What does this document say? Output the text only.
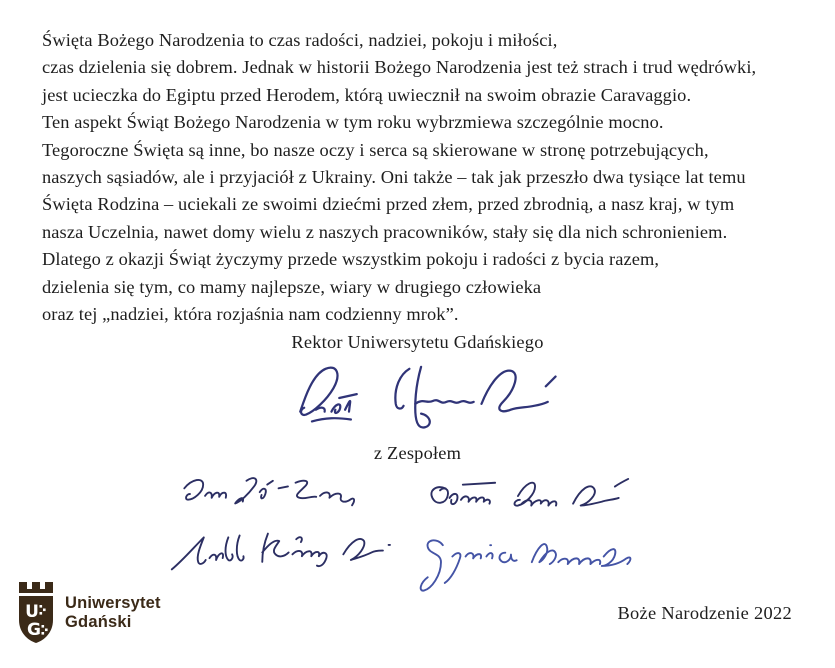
Święta Bożego Narodzenia to czas radości, nadziei, pokoju i miłości,
czas dzielenia się dobrem. Jednak w historii Bożego Narodzenia jest też strach i trud wędrówki,
jest ucieczka do Egiptu przed Herodem, którą uwiecznił na swoim obrazie Caravaggio.
Ten aspekt Świąt Bożego Narodzenia w tym roku wybrzmiewa szczególnie mocno.
Tegoroczne Święta są inne, bo nasze oczy i serca są skierowane w stronę potrzebujących,
naszych sąsiadów, ale i przyjaciół z Ukrainy. Oni także – tak jak przeszło dwa tysiące lat temu
Święta Rodzina – uciekali ze swoimi dziećmi przed złem, przed zbrodnią, a nasz kraj, w tym
nasza Uczelnia, nawet domy wielu z naszych pracowników, stały się dla nich schronieniem.
Dlatego z okazji Świąt życzymy przede wszystkim pokoju i radości z bycia razem,
dzielenia się tym, co mamy najlepsze, wiary w drugiego człowieka
oraz tej „nadziei, która rozjaśnia nam codzienny mrok”.
Rektor Uniwersytetu Gdańskiego
z Zespołem
U
G
Uniwersytet
Gdański	Boże Narodzenie 2022
